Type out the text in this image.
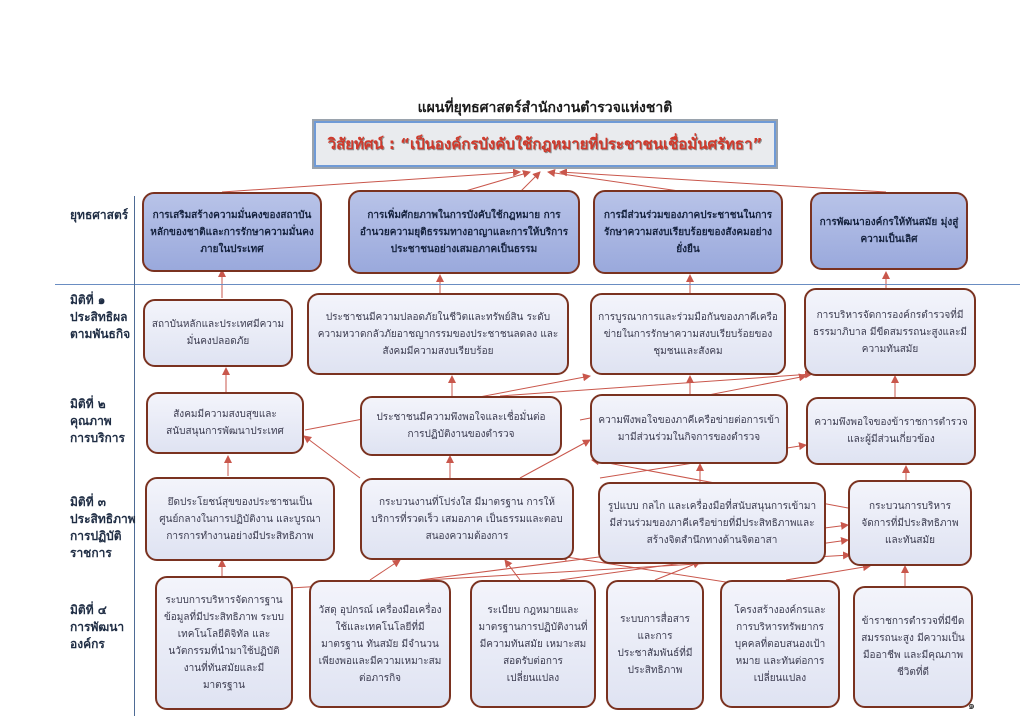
แผนที่ยุทธศาสตร์สำนักงานตำรวจแห่งชาติ
วิสัยทัศน์ : “เป็นองค์กรบังคับใช้กฎหมายที่ประชาชนเชื่อมั่นศรัทธา”
ยุทธศาสตร์
มิติที่ ๑
ประสิทธิผล
ตามพันธกิจ
มิติที่ ๒
คุณภาพ
การบริการ
มิติที่ ๓
ประสิทธิภาพ
การปฏิบัติ
ราชการ
มิติที่ ๔
การพัฒนา
องค์กร
การเสริมสร้างความมั่นคงของสถาบันหลักของชาติและการรักษาความมั่นคงภายในประเทศ
การเพิ่มศักยภาพในการบังคับใช้กฎหมาย การอำนวยความยุติธรรมทางอาญาและการให้บริการประชาชนอย่างเสมอภาคเป็นธรรม
การมีส่วนร่วมของภาคประชาชนในการรักษาความสงบเรียบร้อยของสังคมอย่างยั่งยืน
การพัฒนาองค์กรให้ทันสมัย มุ่งสู่ความเป็นเลิศ
สถาบันหลักและประเทศมีความมั่นคงปลอดภัย
ประชาชนมีความปลอดภัยในชีวิตและทรัพย์สิน ระดับความหวาดกลัวภัยอาชญากรรมของประชาชนลดลง และสังคมมีความสงบเรียบร้อย
การบูรณาการและร่วมมือกันของภาคีเครือข่ายในการรักษาความสงบเรียบร้อยของชุมชนและสังคม
การบริหารจัดการองค์กรตำรวจที่มีธรรมาภิบาล มีขีดสมรรถนะสูงและมีความทันสมัย
สังคมมีความสงบสุขและสนับสนุนการพัฒนาประเทศ
ประชาชนมีความพึงพอใจและเชื่อมั่นต่อการปฏิบัติงานของตำรวจ
ความพึงพอใจของภาคีเครือข่ายต่อการเข้ามามีส่วนร่วมในกิจการของตำรวจ
ความพึงพอใจของข้าราชการตำรวจและผู้มีส่วนเกี่ยวข้อง
ยึดประโยชน์สุขของประชาชนเป็นศูนย์กลางในการปฏิบัติงาน และบูรณาการการทำงานอย่างมีประสิทธิภาพ
กระบวนงานที่โปร่งใส มีมาตรฐาน การให้บริการที่รวดเร็ว เสมอภาค เป็นธรรมและตอบสนองความต้องการ
รูปแบบ กลไก และเครื่องมือที่สนับสนุนการเข้ามามีส่วนร่วมของภาคีเครือข่ายที่มีประสิทธิภาพและสร้างจิตสำนึกทางด้านจิตอาสา
กระบวนการบริหารจัดการที่มีประสิทธิภาพและทันสมัย
ระบบการบริหารจัดการฐานข้อมูลที่มีประสิทธิภาพ ระบบเทคโนโลยีดิจิทัล และนวัตกรรมที่นำมาใช้ปฏิบัติงานที่ทันสมัยและมีมาตรฐาน
วัสดุ อุปกรณ์ เครื่องมือเครื่องใช้และเทคโนโลยีที่มีมาตรฐาน ทันสมัย มีจำนวนเพียงพอและมีความเหมาะสมต่อภารกิจ
ระเบียบ กฎหมายและมาตรฐานการปฏิบัติงานที่มีความทันสมัย เหมาะสมสอดรับต่อการเปลี่ยนแปลง
ระบบการสื่อสารและการประชาสัมพันธ์ที่มีประสิทธิภาพ
โครงสร้างองค์กรและการบริหารทรัพยากรบุคคลที่ตอบสนองเป้าหมาย และทันต่อการเปลี่ยนแปลง
ข้าราชการตำรวจที่มีขีดสมรรถนะสูง มีความเป็นมืออาชีพ และมีคุณภาพชีวิตที่ดี
๑
